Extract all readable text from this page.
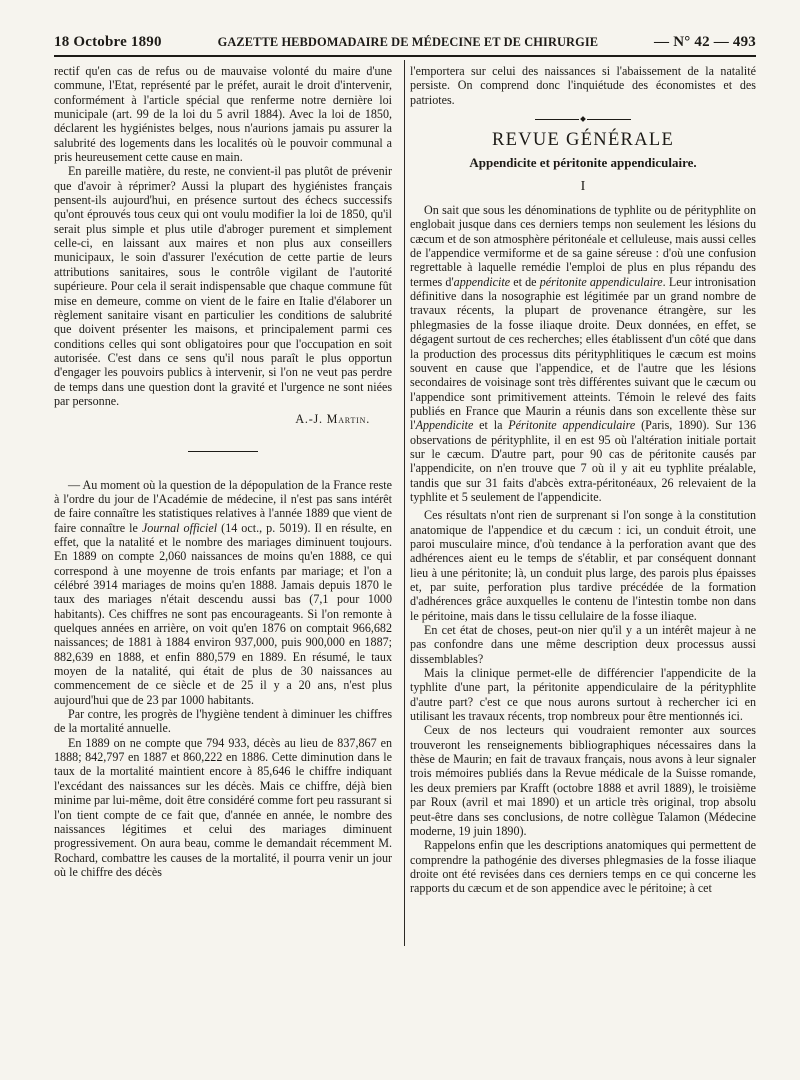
18 Octobre 1890	GAZETTE HEBDOMADAIRE DE MÉDECINE ET DE CHIRURGIE	— N° 42 — 493

rectif qu'en cas de refus ou de mauvaise volonté du maire d'une commune, l'Etat, représenté par le préfet, aurait le droit d'intervenir, conformément à l'article spécial que renferme notre dernière loi municipale (art. 99 de la loi du 5 avril 1884). Avec la loi de 1850, déclarent les hygiénistes belges, nous n'aurions jamais pu assurer la salubrité des logements dans les localités où le pouvoir communal a pris heureusement cette cause en main.

En pareille matière, du reste, ne convient-il pas plutôt de prévenir que d'avoir à réprimer? Aussi la plupart des hygiénistes français pensent-ils aujourd'hui, en présence surtout des échecs successifs qu'ont éprouvés tous ceux qui ont voulu modifier la loi de 1850, qu'il serait plus simple et plus utile d'abroger purement et simplement celle-ci, en laissant aux maires et non plus aux conseillers municipaux, le soin d'assurer l'exécution de cette partie de leurs attributions sanitaires, sous le contrôle vigilant de l'autorité supérieure. Pour cela il serait indispensable que chaque commune fût mise en demeure, comme on vient de le faire en Italie d'élaborer un règlement sanitaire visant en particulier les conditions de salubrité que doivent présenter les maisons, et principalement parmi ces conditions celles qui sont obligatoires pour que l'occupation en soit autorisée. C'est dans ce sens qu'il nous paraît le plus opportun d'engager les pouvoirs publics à intervenir, si l'on ne veut pas perdre de temps dans une question dont la gravité et l'urgence ne sont niées par personne.

A.-J. Martin.

— Au moment où la question de la dépopulation de la France reste à l'ordre du jour de l'Académie de médecine, il n'est pas sans intérêt de faire connaître les statistiques relatives à l'année 1889 que vient de faire connaître le Journal officiel (14 oct., p. 5019). Il en résulte, en effet, que la natalité et le nombre des mariages diminuent toujours. En 1889 on compte 2,060 naissances de moins qu'en 1888, ce qui correspond à une moyenne de trois enfants par mariage; et l'on a célébré 3914 mariages de moins qu'en 1888. Jamais depuis 1870 le taux des mariages n'était descendu aussi bas (7,1 pour 1000 habitants). Ces chiffres ne sont pas encourageants. Si l'on remonte à quelques années en arrière, on voit qu'en 1876 on comptait 966,682 naissances; de 1881 à 1884 environ 937,000, puis 900,000 en 1887; 882,639 en 1888, et enfin 880,579 en 1889. En résumé, le taux moyen de la natalité, qui était de plus de 30 naissances au commencement de ce siècle et de 25 il y a 20 ans, n'est plus aujourd'hui que de 23 par 1000 habitants.

Par contre, les progrès de l'hygiène tendent à diminuer les chiffres de la mortalité annuelle.

En 1889 on ne compte que 794 933, décès au lieu de 837,867 en 1888; 842,797 en 1887 et 860,222 en 1886. Cette diminution dans le taux de la mortalité maintient encore à 85,646 le chiffre indiquant l'excédant des naissances sur les décès. Mais ce chiffre, déjà bien minime par lui-même, doit être considéré comme fort peu rassurant si l'on tient compte de ce fait que, d'année en année, le nombre des naissances légitimes et celui des mariages diminuent progressivement. On aura beau, comme le demandait récemment M. Rochard, combattre les causes de la mortalité, il pourra venir un jour où le chiffre des décès

l'emportera sur celui des naissances si l'abaissement de la natalité persiste. On comprend donc l'inquiétude des économistes et des patriotes.

REVUE GÉNÉRALE
Appendicite et péritonite appendiculaire.
I

On sait que sous les dénominations de typhlite ou de pérityphlite on englobait jusque dans ces derniers temps non seulement les lésions du cæcum et de son atmosphère péritonéale et celluleuse, mais aussi celles de l'appendice vermiforme et de sa gaine séreuse : d'où une confusion regrettable à laquelle remédie l'emploi de plus en plus répandu des termes d'appendicite et de péritonite appendiculaire. Leur intronisation définitive dans la nosographie est légitimée par un grand nombre de travaux récents, la plupart de provenance étrangère, sur les phlegmasies de la fosse iliaque droite. Deux données, en effet, se dégagent surtout de ces recherches; elles établissent d'un côté que dans la production des processus dits pérityphlitiques le cæcum est moins souvent en cause que l'appendice, et de l'autre que les lésions secondaires de voisinage sont très différentes suivant que le cæcum ou l'appendice sont primitivement atteints. Témoin le relevé des faits publiés en France que Maurin a réunis dans son excellente thèse sur l'Appendicite et la Péritonite appendiculaire (Paris, 1890). Sur 136 observations de pérityphlite, il en est 95 où l'altération initiale portait sur le cæcum. D'autre part, pour 90 cas de péritonite causés par l'appendicite, on n'en trouve que 7 où il y ait eu typhlite préalable, tandis que sur 31 faits d'abcès extra-péritonéaux, 26 relevaient de la typhlite et 5 seulement de l'appendicite.

Ces résultats n'ont rien de surprenant si l'on songe à la constitution anatomique de l'appendice et du cæcum : ici, un conduit étroit, une paroi musculaire mince, d'où tendance à la perforation avant que des adhérences aient eu le temps de s'établir, et par conséquent donnant lieu à une péritonite; là, un conduit plus large, des parois plus épaisses et, par suite, perforation plus tardive précédée de la formation d'adhérences grâce auxquelles le contenu de l'intestin tombe non dans le péritoine, mais dans le tissu cellulaire de la fosse iliaque.

En cet état de choses, peut-on nier qu'il y a un intérêt majeur à ne pas confondre dans une même description deux processus aussi dissemblables?

Mais la clinique permet-elle de différencier l'appendicite de la typhlite d'une part, la péritonite appendiculaire de la pérityphlite d'autre part? c'est ce que nous aurons surtout à rechercher ici en utilisant les travaux récents, trop nombreux pour être mentionnés ici.

Ceux de nos lecteurs qui voudraient remonter aux sources trouveront les renseignements bibliographiques nécessaires dans la thèse de Maurin; en fait de travaux français, nous avons à leur signaler trois mémoires publiés dans la Revue médicale de la Suisse romande, les deux premiers par Krafft (octobre 1888 et avril 1889), le troisième par Roux (avril et mai 1890) et un article très original, trop absolu peut-être dans ses conclusions, de notre collègue Talamon (Médecine moderne, 19 juin 1890).

Rappelons enfin que les descriptions anatomiques qui permettent de comprendre la pathogénie des diverses phlegmasies de la fosse iliaque droite ont été revisées dans ces derniers temps en ce qui concerne les rapports du cæcum et de son appendice avec le péritoine; à cet
